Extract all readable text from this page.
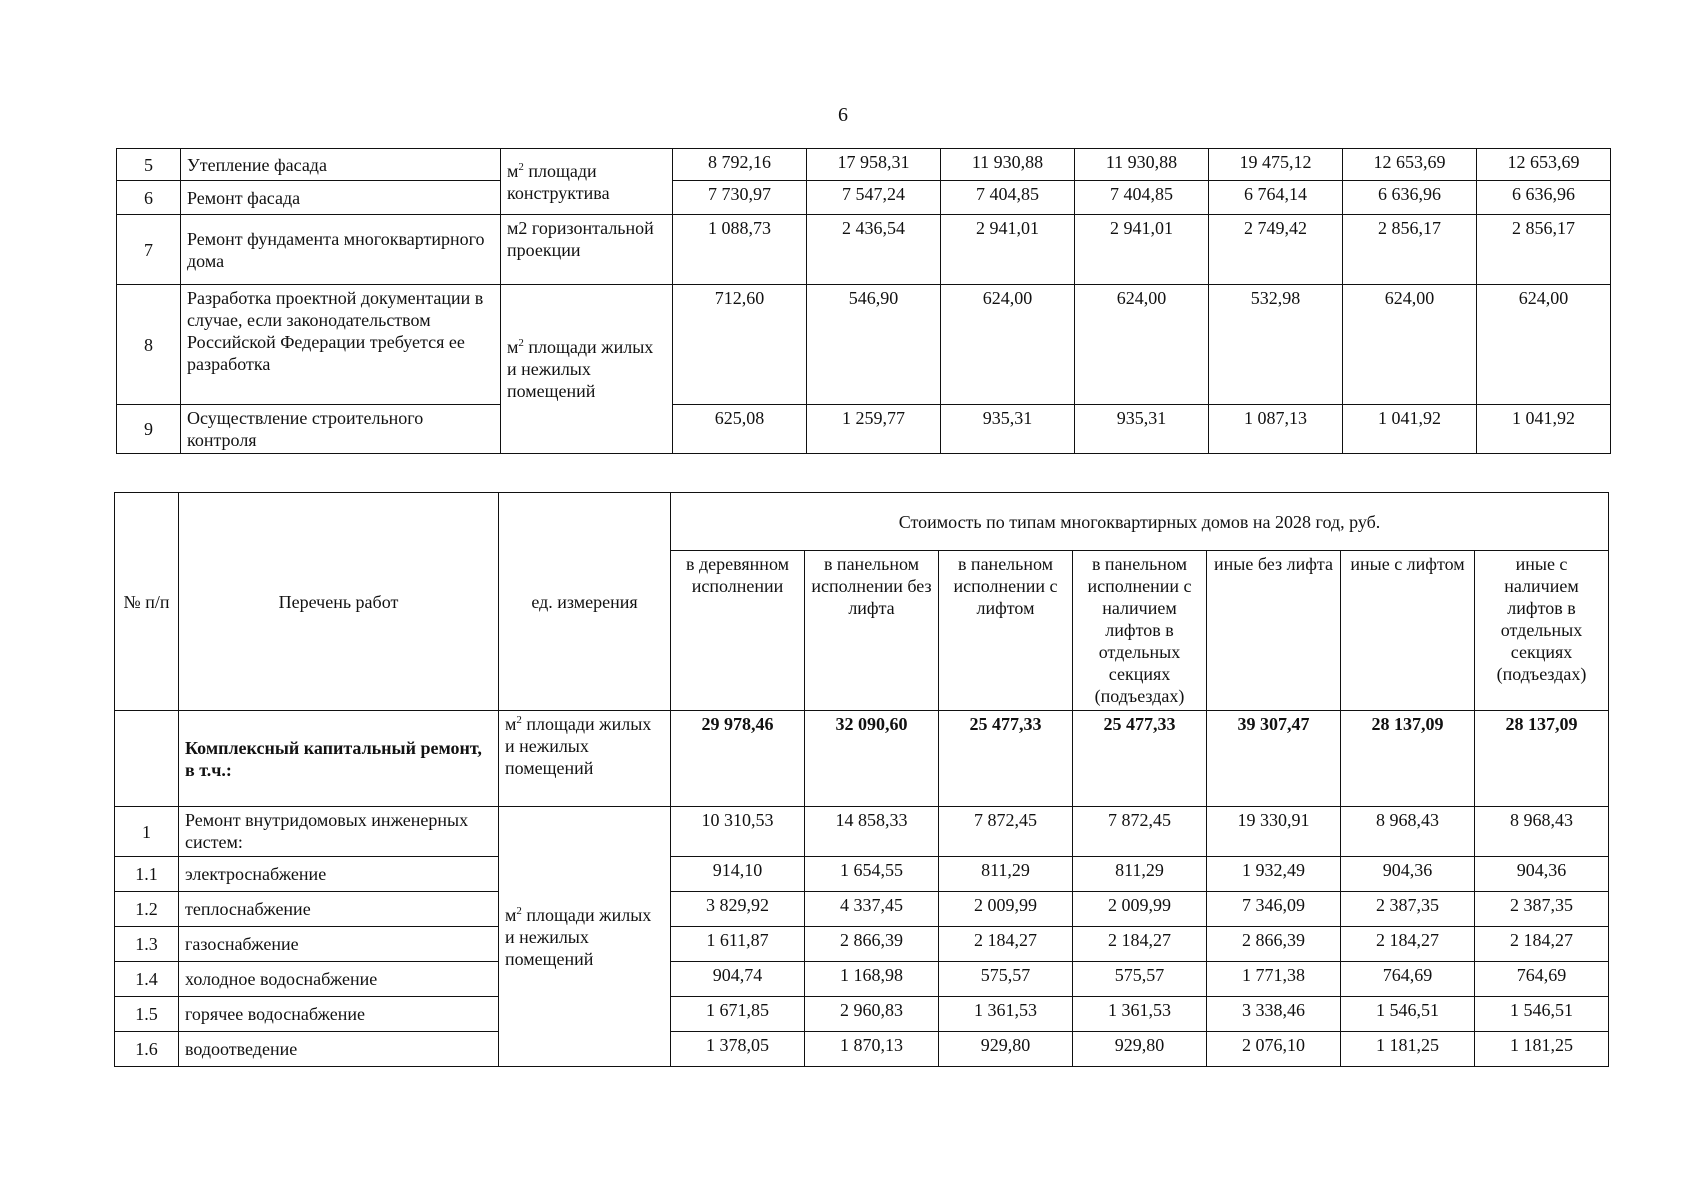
6
5	Утепление фасада	$м^2$ площади конструктива	8 792,16	17 958,31	11 930,88	11 930,88	19 475,12	12 653,69	12 653,69
6	Ремонт фасада		7 730,97	7 547,24	7 404,85	7 404,85	6 764,14	6 636,96	6 636,96
7	Ремонт фундамента многоквартирного дома	м2 горизонтальной проекции	1 088,73	2 436,54	2 941,01	2 941,01	2 749,42	2 856,17	2 856,17
8	Разработка проектной документации в случае, если законодательством Российской Федерации требуется ее разработка	$м^2$ площади жилых и нежилых помещений	712,60	546,90	624,00	624,00	532,98	624,00	624,00
9	Осуществление строительного контроля		625,08	1 259,77	935,31	935,31	1 087,13	1 041,92	1 041,92
№ п/п	Перечень работ	ед. измерения	Стоимость по типам многоквартирных домов на 2028 год, руб.						
			в деревянном исполнении	в панельном исполнении без лифта	в панельном исполнении с лифтом	в панельном исполнении с наличием лифтов в отдельных секциях (подъездах)	иные без лифта	иные с лифтом	иные с наличием лифтов в отдельных секциях (подъездах)
	Комплексный капитальный ремонт, в т.ч.:	$м^2$ площади жилых и нежилых помещений	29 978,46	32 090,60	25 477,33	25 477,33	39 307,47	28 137,09	28 137,09
1	Ремонт внутридомовых инженерных систем:	$м^2$ площади жилых и нежилых помещений	10 310,53	14 858,33	7 872,45	7 872,45	19 330,91	8 968,43	8 968,43
1.1	электроснабжение		914,10	1 654,55	811,29	811,29	1 932,49	904,36	904,36
1.2	теплоснабжение		3 829,92	4 337,45	2 009,99	2 009,99	7 346,09	2 387,35	2 387,35
1.3	газоснабжение		1 611,87	2 866,39	2 184,27	2 184,27	2 866,39	2 184,27	2 184,27
1.4	холодное водоснабжение		904,74	1 168,98	575,57	575,57	1 771,38	764,69	764,69
1.5	горячее водоснабжение		1 671,85	2 960,83	1 361,53	1 361,53	3 338,46	1 546,51	1 546,51
1.6	водоотведение		1 378,05	1 870,13	929,80	929,80	2 076,10	1 181,25	1 181,25
